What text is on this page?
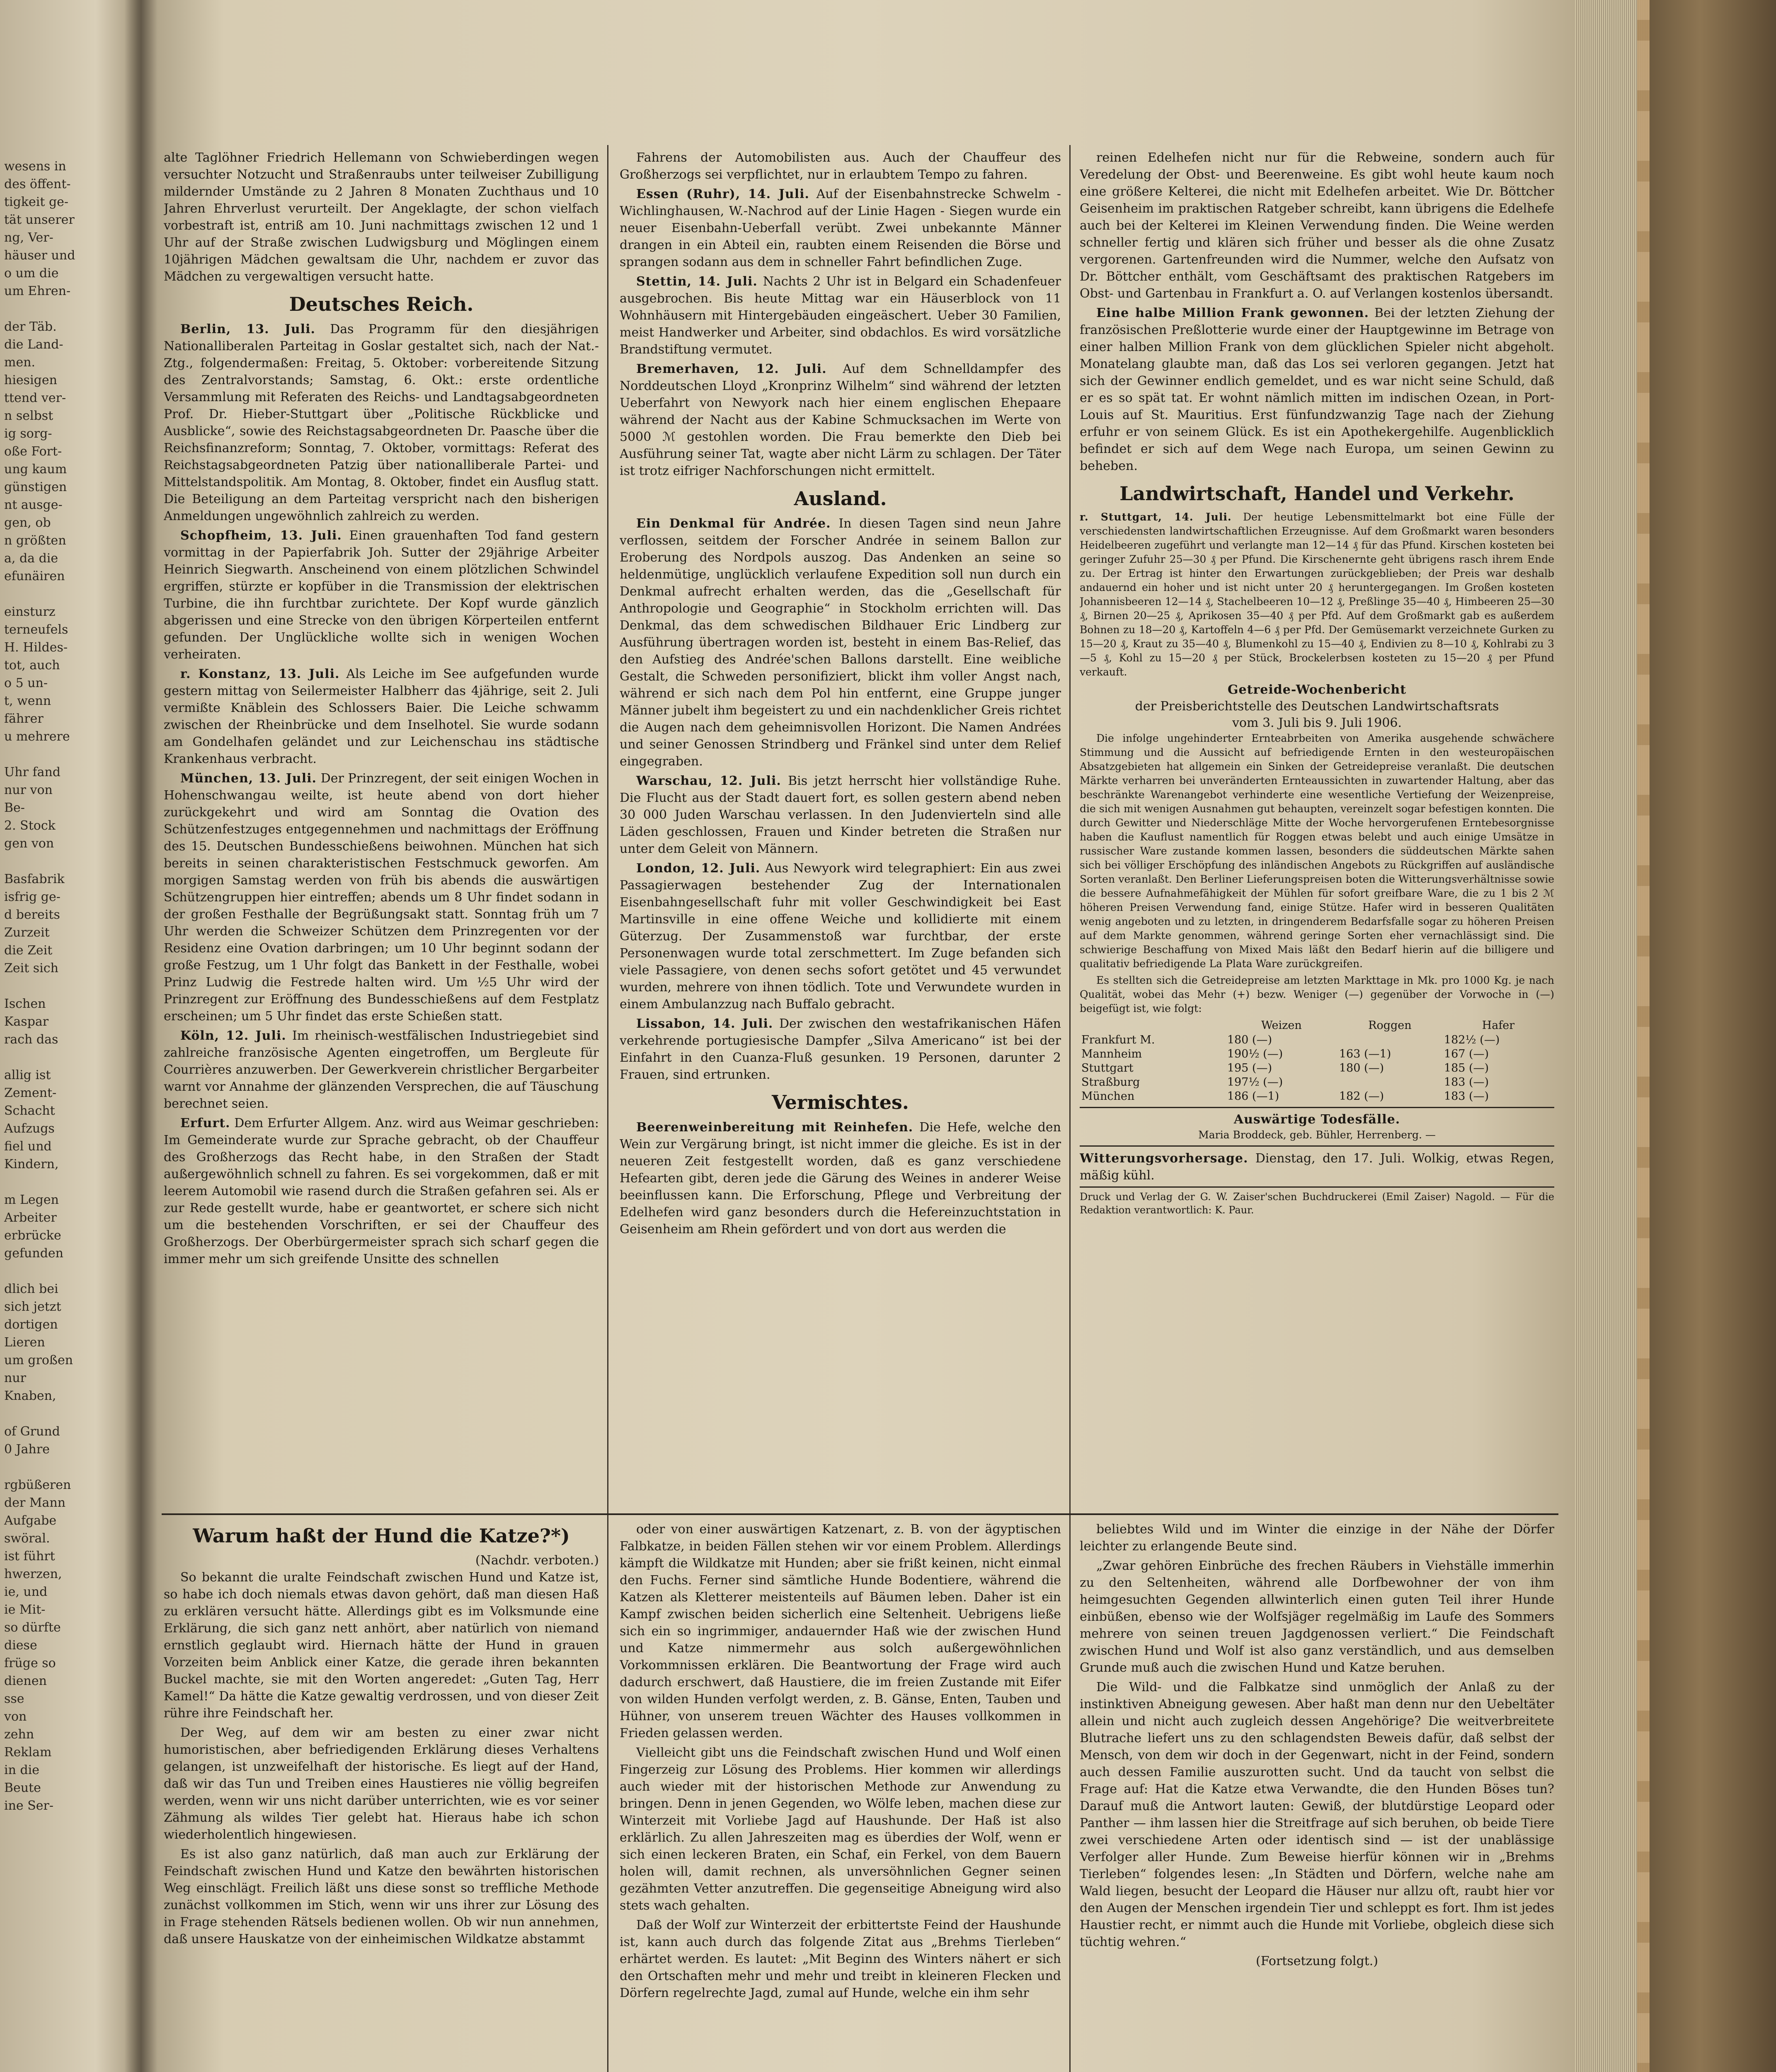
wesens in

des öffent-

tigkeit ge-

tät unserer

ng, Ver-

häuser und

o um die

um Ehren-

der Täb.

die Land-

men.

hiesigen

ttend ver-

n selbst

ig sorg-

oße Fort-

ung kaum

günstigen

nt ausge-

gen, ob

n größten

a, da die

efunäiren

einsturz

terneufels

H. Hildes-

tot, auch

o 5 un-

t, wenn

fährer

u mehrere

Uhr fand

nur von

Be-

2. Stock

gen von

Basfabrik

isfrig ge-

d bereits

Zurzeit

die Zeit

Zeit sich

Ischen

Kaspar

rach das

allig ist

Zement-

Schacht

Aufzugs

fiel und

Kindern,

m Legen

Arbeiter

erbrücke

gefunden

dlich bei

sich jetzt

dortigen

Lieren

um großen

nur

Knaben,

of Grund

0 Jahre

rgbüßeren

der Mann

Aufgabe

swöral.

ist führt

hwerzen,

ie, und

ie Mit-

so dürfte

diese

früge so

dienen

sse

von

zehn

Reklam

in die

Beute

ine Ser-

alte Taglöhner Friedrich Hellemann von Schwieberdingen wegen versuchter Notzucht und Straßenraubs unter teilweiser Zubilligung mildernder Umstände zu 2 Jahren 8 Monaten Zuchthaus und 10 Jahren Ehrverlust verurteilt. Der Angeklagte, der schon vielfach vorbestraft ist, entriß am 10. Juni nachmittags zwischen 12 und 1 Uhr auf der Straße zwischen Ludwigsburg und Möglingen einem 10jährigen Mädchen gewaltsam die Uhr, nachdem er zuvor das Mädchen zu vergewaltigen versucht hatte.

Deutsches Reich.

Berlin, 13. Juli. Das Programm für den diesjährigen Nationalliberalen Parteitag in Goslar gestaltet sich, nach der Nat.-Ztg., folgendermaßen: Freitag, 5. Oktober: vorbereitende Sitzung des Zentralvorstands; Samstag, 6. Okt.: erste ordentliche Versammlung mit Referaten des Reichs- und Landtagsabgeordneten Prof. Dr. Hieber-Stuttgart über „Politische Rückblicke und Ausblicke“, sowie des Reichstagsabgeordneten Dr. Paasche über die Reichsfinanzreform; Sonntag, 7. Oktober, vormittags: Referat des Reichstagsabgeordneten Patzig über nationalliberale Partei- und Mittelstandspolitik. Am Montag, 8. Oktober, findet ein Ausflug statt. Die Beteiligung an dem Parteitag verspricht nach den bisherigen Anmeldungen ungewöhnlich zahlreich zu werden.

Schopfheim, 13. Juli. Einen grauenhaften Tod fand gestern vormittag in der Papierfabrik Joh. Sutter der 29jährige Arbeiter Heinrich Siegwarth. Anscheinend von einem plötzlichen Schwindel ergriffen, stürzte er kopfüber in die Transmission der elektrischen Turbine, die ihn furchtbar zurichtete. Der Kopf wurde gänzlich abgerissen und eine Strecke von den übrigen Körperteilen entfernt gefunden. Der Unglückliche wollte sich in wenigen Wochen verheiraten.

r. Konstanz, 13. Juli. Als Leiche im See aufgefunden wurde gestern mittag von Seilermeister Halbherr das 4jährige, seit 2. Juli vermißte Knäblein des Schlossers Baier. Die Leiche schwamm zwischen der Rheinbrücke und dem Inselhotel. Sie wurde sodann am Gondelhafen geländet und zur Leichenschau ins städtische Krankenhaus verbracht.

München, 13. Juli. Der Prinzregent, der seit einigen Wochen in Hohenschwangau weilte, ist heute abend von dort hieher zurückgekehrt und wird am Sonntag die Ovation des Schützenfestzuges entgegennehmen und nachmittags der Eröffnung des 15. Deutschen Bundesschießens beiwohnen. München hat sich bereits in seinen charakteristischen Festschmuck geworfen. Am morgigen Samstag werden von früh bis abends die auswärtigen Schützengruppen hier eintreffen; abends um 8 Uhr findet sodann in der großen Festhalle der Begrüßungsakt statt. Sonntag früh um 7 Uhr werden die Schweizer Schützen dem Prinzregenten vor der Residenz eine Ovation darbringen; um 10 Uhr beginnt sodann der große Festzug, um 1 Uhr folgt das Bankett in der Festhalle, wobei Prinz Ludwig die Festrede halten wird. Um ½5 Uhr wird der Prinzregent zur Eröffnung des Bundesschießens auf dem Festplatz erscheinen; um 5 Uhr findet das erste Schießen statt.

Köln, 12. Juli. Im rheinisch-westfälischen Industriegebiet sind zahlreiche französische Agenten eingetroffen, um Bergleute für Courrières anzuwerben. Der Gewerkverein christlicher Bergarbeiter warnt vor Annahme der glänzenden Versprechen, die auf Täuschung berechnet seien.

Erfurt. Dem Erfurter Allgem. Anz. wird aus Weimar geschrieben: Im Gemeinderate wurde zur Sprache gebracht, ob der Chauffeur des Großherzogs das Recht habe, in den Straßen der Stadt außergewöhnlich schnell zu fahren. Es sei vorgekommen, daß er mit leerem Automobil wie rasend durch die Straßen gefahren sei. Als er zur Rede gestellt wurde, habe er geantwortet, er schere sich nicht um die bestehenden Vorschriften, er sei der Chauffeur des Großherzogs. Der Oberbürgermeister sprach sich scharf gegen die immer mehr um sich greifende Unsitte des schnellen

Fahrens der Automobilisten aus. Auch der Chauffeur des Großherzogs sei verpflichtet, nur in erlaubtem Tempo zu fahren.

Essen (Ruhr), 14. Juli. Auf der Eisenbahnstrecke Schwelm - Wichlinghausen, W.-Nachrod auf der Linie Hagen - Siegen wurde ein neuer Eisenbahn-Ueberfall verübt. Zwei unbekannte Männer drangen in ein Abteil ein, raubten einem Reisenden die Börse und sprangen sodann aus dem in schneller Fahrt befindlichen Zuge.

Stettin, 14. Juli. Nachts 2 Uhr ist in Belgard ein Schadenfeuer ausgebrochen. Bis heute Mittag war ein Häuserblock von 11 Wohnhäusern mit Hintergebäuden eingeäschert. Ueber 30 Familien, meist Handwerker und Arbeiter, sind obdachlos. Es wird vorsätzliche Brandstiftung vermutet.

Bremerhaven, 12. Juli. Auf dem Schnelldampfer des Norddeutschen Lloyd „Kronprinz Wilhelm“ sind während der letzten Ueberfahrt von Newyork nach hier einem englischen Ehepaare während der Nacht aus der Kabine Schmucksachen im Werte von 5000 ℳ gestohlen worden. Die Frau bemerkte den Dieb bei Ausführung seiner Tat, wagte aber nicht Lärm zu schlagen. Der Täter ist trotz eifriger Nachforschungen nicht ermittelt.

Ausland.

Ein Denkmal für Andrée. In diesen Tagen sind neun Jahre verflossen, seitdem der Forscher Andrée in seinem Ballon zur Eroberung des Nordpols auszog. Das Andenken an seine so heldenmütige, unglücklich verlaufene Expedition soll nun durch ein Denkmal aufrecht erhalten werden, das die „Gesellschaft für Anthropologie und Geographie“ in Stockholm errichten will. Das Denkmal, das dem schwedischen Bildhauer Eric Lindberg zur Ausführung übertragen worden ist, besteht in einem Bas-Relief, das den Aufstieg des Andrée'schen Ballons darstellt. Eine weibliche Gestalt, die Schweden personifiziert, blickt ihm voller Angst nach, während er sich nach dem Pol hin entfernt, eine Gruppe junger Männer jubelt ihm begeistert zu und ein nachdenklicher Greis richtet die Augen nach dem geheimnisvollen Horizont. Die Namen Andrées und seiner Genossen Strindberg und Fränkel sind unter dem Relief eingegraben.

Warschau, 12. Juli. Bis jetzt herrscht hier vollständige Ruhe. Die Flucht aus der Stadt dauert fort, es sollen gestern abend neben 30 000 Juden Warschau verlassen. In den Judenvierteln sind alle Läden geschlossen, Frauen und Kinder betreten die Straßen nur unter dem Geleit von Männern.

London, 12. Juli. Aus Newyork wird telegraphiert: Ein aus zwei Passagierwagen bestehender Zug der Internationalen Eisenbahngesellschaft fuhr mit voller Geschwindigkeit bei East Martinsville in eine offene Weiche und kollidierte mit einem Güterzug. Der Zusammenstoß war furchtbar, der erste Personenwagen wurde total zerschmettert. Im Zuge befanden sich viele Passagiere, von denen sechs sofort getötet und 45 verwundet wurden, mehrere von ihnen tödlich. Tote und Verwundete wurden in einem Ambulanzzug nach Buffalo gebracht.

Lissabon, 14. Juli. Der zwischen den westafrikanischen Häfen verkehrende portugiesische Dampfer „Silva Americano“ ist bei der Einfahrt in den Cuanza-Fluß gesunken. 19 Personen, darunter 2 Frauen, sind ertrunken.

Vermischtes.

Beerenweinbereitung mit Reinhefen. Die Hefe, welche den Wein zur Vergärung bringt, ist nicht immer die gleiche. Es ist in der neueren Zeit festgestellt worden, daß es ganz verschiedene Hefearten gibt, deren jede die Gärung des Weines in anderer Weise beeinflussen kann. Die Erforschung, Pflege und Verbreitung der Edelhefen wird ganz besonders durch die Hefereinzuchtstation in Geisenheim am Rhein gefördert und von dort aus werden die

reinen Edelhefen nicht nur für die Rebweine, sondern auch für Veredelung der Obst- und Beerenweine. Es gibt wohl heute kaum noch eine größere Kelterei, die nicht mit Edelhefen arbeitet. Wie Dr. Böttcher Geisenheim im praktischen Ratgeber schreibt, kann übrigens die Edelhefe auch bei der Kelterei im Kleinen Verwendung finden. Die Weine werden schneller fertig und klären sich früher und besser als die ohne Zusatz vergorenen. Gartenfreunden wird die Nummer, welche den Aufsatz von Dr. Böttcher enthält, vom Geschäftsamt des praktischen Ratgebers im Obst- und Gartenbau in Frankfurt a. O. auf Verlangen kostenlos übersandt.

Eine halbe Million Frank gewonnen. Bei der letzten Ziehung der französischen Preßlotterie wurde einer der Hauptgewinne im Betrage von einer halben Million Frank von dem glücklichen Spieler nicht abgeholt. Monatelang glaubte man, daß das Los sei verloren gegangen. Jetzt hat sich der Gewinner endlich gemeldet, und es war nicht seine Schuld, daß er es so spät tat. Er wohnt nämlich mitten im indischen Ozean, in Port-Louis auf St. Mauritius. Erst fünfundzwanzig Tage nach der Ziehung erfuhr er von seinem Glück. Es ist ein Apothekergehilfe. Augenblicklich befindet er sich auf dem Wege nach Europa, um seinen Gewinn zu beheben.

Landwirtschaft, Handel und Verkehr.

r. Stuttgart, 14. Juli. Der heutige Lebensmittelmarkt bot eine Fülle der verschiedensten landwirtschaftlichen Erzeugnisse. Auf dem Großmarkt waren besonders Heidelbeeren zugeführt und verlangte man 12—14 ₰ für das Pfund. Kirschen kosteten bei geringer Zufuhr 25—30 ₰ per Pfund. Die Kirschenernte geht übrigens rasch ihrem Ende zu. Der Ertrag ist hinter den Erwartungen zurückgeblieben; der Preis war deshalb andauernd ein hoher und ist nicht unter 20 ₰ heruntergegangen. Im Großen kosteten Johannisbeeren 12—14 ₰, Stachelbeeren 10—12 ₰, Preßlinge 35—40 ₰, Himbeeren 25—30 ₰, Birnen 20—25 ₰, Aprikosen 35—40 ₰ per Pfd. Auf dem Großmarkt gab es außerdem Bohnen zu 18—20 ₰, Kartoffeln 4—6 ₰ per Pfd. Der Gemüsemarkt verzeichnete Gurken zu 15—20 ₰, Kraut zu 35—40 ₰, Blumenkohl zu 15—40 ₰, Endivien zu 8—10 ₰, Kohlrabi zu 3—5 ₰, Kohl zu 15—20 ₰ per Stück, Brockelerbsen kosteten zu 15—20 ₰ per Pfund verkauft.

Getreide-Wochenbericht
der Preisberichtstelle des Deutschen Landwirtschaftsrats
vom 3. Juli bis 9. Juli 1906.

Die infolge ungehinderter Ernteabrbeiten von Amerika ausgehende schwächere Stimmung und die Aussicht auf befriedigende Ernten in den westeuropäischen Absatzgebieten hat allgemein ein Sinken der Getreidepreise veranlaßt. Die deutschen Märkte verharren bei unveränderten Ernteaussichten in zuwartender Haltung, aber das beschränkte Warenangebot verhinderte eine wesentliche Vertiefung der Weizenpreise, die sich mit wenigen Ausnahmen gut behaupten, vereinzelt sogar befestigen konnten. Die durch Gewitter und Niederschläge Mitte der Woche hervorgerufenen Erntebesorgnisse haben die Kauflust namentlich für Roggen etwas belebt und auch einige Umsätze in russischer Ware zustande kommen lassen, besonders die süddeutschen Märkte sahen sich bei völliger Erschöpfung des inländischen Angebots zu Rückgriffen auf ausländische Sorten veranlaßt. Den Berliner Lieferungspreisen boten die Witterungsverhältnisse sowie die bessere Aufnahmefähigkeit der Mühlen für sofort greifbare Ware, die zu 1 bis 2 ℳ höheren Preisen Verwendung fand, einige Stütze. Hafer wird in besseren Qualitäten wenig angeboten und zu letzten, in dringenderem Bedarfsfalle sogar zu höheren Preisen auf dem Markte genommen, während geringe Sorten eher vernachlässigt sind. Die schwierige Beschaffung von Mixed Mais läßt den Bedarf hierin auf die billigere und qualitativ befriedigende La Plata Ware zurückgreifen.

Es stellten sich die Getreidepreise am letzten Markttage in Mk. pro 1000 Kg. je nach Qualität, wobei das Mehr (+) bezw. Weniger (—) gegenüber der Vorwoche in (—) beigefügt ist, wie folgt:

	Weizen	Roggen	Hafer
Frankfurt M.	180 (—)		182½ (—)
Mannheim	190½ (—)	163 (—1)	167 (—)
Stuttgart	195 (—)	180 (—)	185 (—)
Straßburg	197½ (—)		183 (—)
München	186 (—1)	182 (—)	183 (—)
Auswärtige Todesfälle.
Maria Broddeck, geb. Bühler, Herrenberg. —

Witterungsvorhersage. Dienstag, den 17. Juli. Wolkig, etwas Regen, mäßig kühl.

Druck und Verlag der G. W. Zaiser'schen Buchdruckerei (Emil Zaiser) Nagold. — Für die Redaktion verantwortlich: K. Paur.

Warum haßt der Hund die Katze?*)
(Nachdr. verboten.)

So bekannt die uralte Feindschaft zwischen Hund und Katze ist, so habe ich doch niemals etwas davon gehört, daß man diesen Haß zu erklären versucht hätte. Allerdings gibt es im Volksmunde eine Erklärung, die sich ganz nett anhört, aber natürlich von niemand ernstlich geglaubt wird. Hiernach hätte der Hund in grauen Vorzeiten beim Anblick einer Katze, die gerade ihren bekannten Buckel machte, sie mit den Worten angeredet: „Guten Tag, Herr Kamel!“ Da hätte die Katze gewaltig verdrossen, und von dieser Zeit rühre ihre Feindschaft her.

Der Weg, auf dem wir am besten zu einer zwar nicht humoristischen, aber befriedigenden Erklärung dieses Verhaltens gelangen, ist unzweifelhaft der historische. Es liegt auf der Hand, daß wir das Tun und Treiben eines Haustieres nie völlig begreifen werden, wenn wir uns nicht darüber unterrichten, wie es vor seiner Zähmung als wildes Tier gelebt hat. Hieraus habe ich schon wiederholentlich hingewiesen.

Es ist also ganz natürlich, daß man auch zur Erklärung der Feindschaft zwischen Hund und Katze den bewährten historischen Weg einschlägt. Freilich läßt uns diese sonst so treffliche Methode zunächst vollkommen im Stich, wenn wir uns ihrer zur Lösung des in Frage stehenden Rätsels bedienen wollen. Ob wir nun annehmen, daß unsere Hauskatze von der einheimischen Wildkatze abstammt

oder von einer auswärtigen Katzenart, z. B. von der ägyptischen Falbkatze, in beiden Fällen stehen wir vor einem Problem. Allerdings kämpft die Wildkatze mit Hunden; aber sie frißt keinen, nicht einmal den Fuchs. Ferner sind sämtliche Hunde Bodentiere, während die Katzen als Kletterer meistenteils auf Bäumen leben. Daher ist ein Kampf zwischen beiden sicherlich eine Seltenheit. Uebrigens ließe sich ein so ingrimmiger, andauernder Haß wie der zwischen Hund und Katze nimmermehr aus solch außergewöhnlichen Vorkommnissen erklären. Die Beantwortung der Frage wird auch dadurch erschwert, daß Haustiere, die im freien Zustande mit Eifer von wilden Hunden verfolgt werden, z. B. Gänse, Enten, Tauben und Hühner, von unserem treuen Wächter des Hauses vollkommen in Frieden gelassen werden.

Vielleicht gibt uns die Feindschaft zwischen Hund und Wolf einen Fingerzeig zur Lösung des Problems. Hier kommen wir allerdings auch wieder mit der historischen Methode zur Anwendung zu bringen. Denn in jenen Gegenden, wo Wölfe leben, machen diese zur Winterzeit mit Vorliebe Jagd auf Haushunde. Der Haß ist also erklärlich. Zu allen Jahreszeiten mag es überdies der Wolf, wenn er sich einen leckeren Braten, ein Schaf, ein Ferkel, von dem Bauern holen will, damit rechnen, als unversöhnlichen Gegner seinen gezähmten Vetter anzutreffen. Die gegenseitige Abneigung wird also stets wach gehalten.

Daß der Wolf zur Winterzeit der erbittertste Feind der Haushunde ist, kann auch durch das folgende Zitat aus „Brehms Tierleben“ erhärtet werden. Es lautet: „Mit Beginn des Winters nähert er sich den Ortschaften mehr und mehr und treibt in kleineren Flecken und Dörfern regelrechte Jagd, zumal auf Hunde, welche ein ihm sehr

beliebtes Wild und im Winter die einzige in der Nähe der Dörfer leichter zu erlangende Beute sind.

„Zwar gehören Einbrüche des frechen Räubers in Viehställe immerhin zu den Seltenheiten, während alle Dorfbewohner der von ihm heimgesuchten Gegenden allwinterlich einen guten Teil ihrer Hunde einbüßen, ebenso wie der Wolfsjäger regelmäßig im Laufe des Sommers mehrere von seinen treuen Jagdgenossen verliert.“ Die Feindschaft zwischen Hund und Wolf ist also ganz verständlich, und aus demselben Grunde muß auch die zwischen Hund und Katze beruhen.

Die Wild- und die Falbkatze sind unmöglich der Anlaß zu der instinktiven Abneigung gewesen. Aber haßt man denn nur den Uebeltäter allein und nicht auch zugleich dessen Angehörige? Die weitverbreitete Blutrache liefert uns zu den schlagendsten Beweis dafür, daß selbst der Mensch, von dem wir doch in der Gegenwart, nicht in der Feind, sondern auch dessen Familie auszurotten sucht. Und da taucht von selbst die Frage auf: Hat die Katze etwa Verwandte, die den Hunden Böses tun? Darauf muß die Antwort lauten: Gewiß, der blutdürstige Leopard oder Panther — ihm lassen hier die Streitfrage auf sich beruhen, ob beide Tiere zwei verschiedene Arten oder identisch sind — ist der unablässige Verfolger aller Hunde. Zum Beweise hierfür können wir in „Brehms Tierleben“ folgendes lesen: „In Städten und Dörfern, welche nahe am Wald liegen, besucht der Leopard die Häuser nur allzu oft, raubt hier vor den Augen der Menschen irgendein Tier und schleppt es fort. Ihm ist jedes Haustier recht, er nimmt auch die Hunde mit Vorliebe, obgleich diese sich tüchtig wehren.“

(Fortsetzung folgt.)
